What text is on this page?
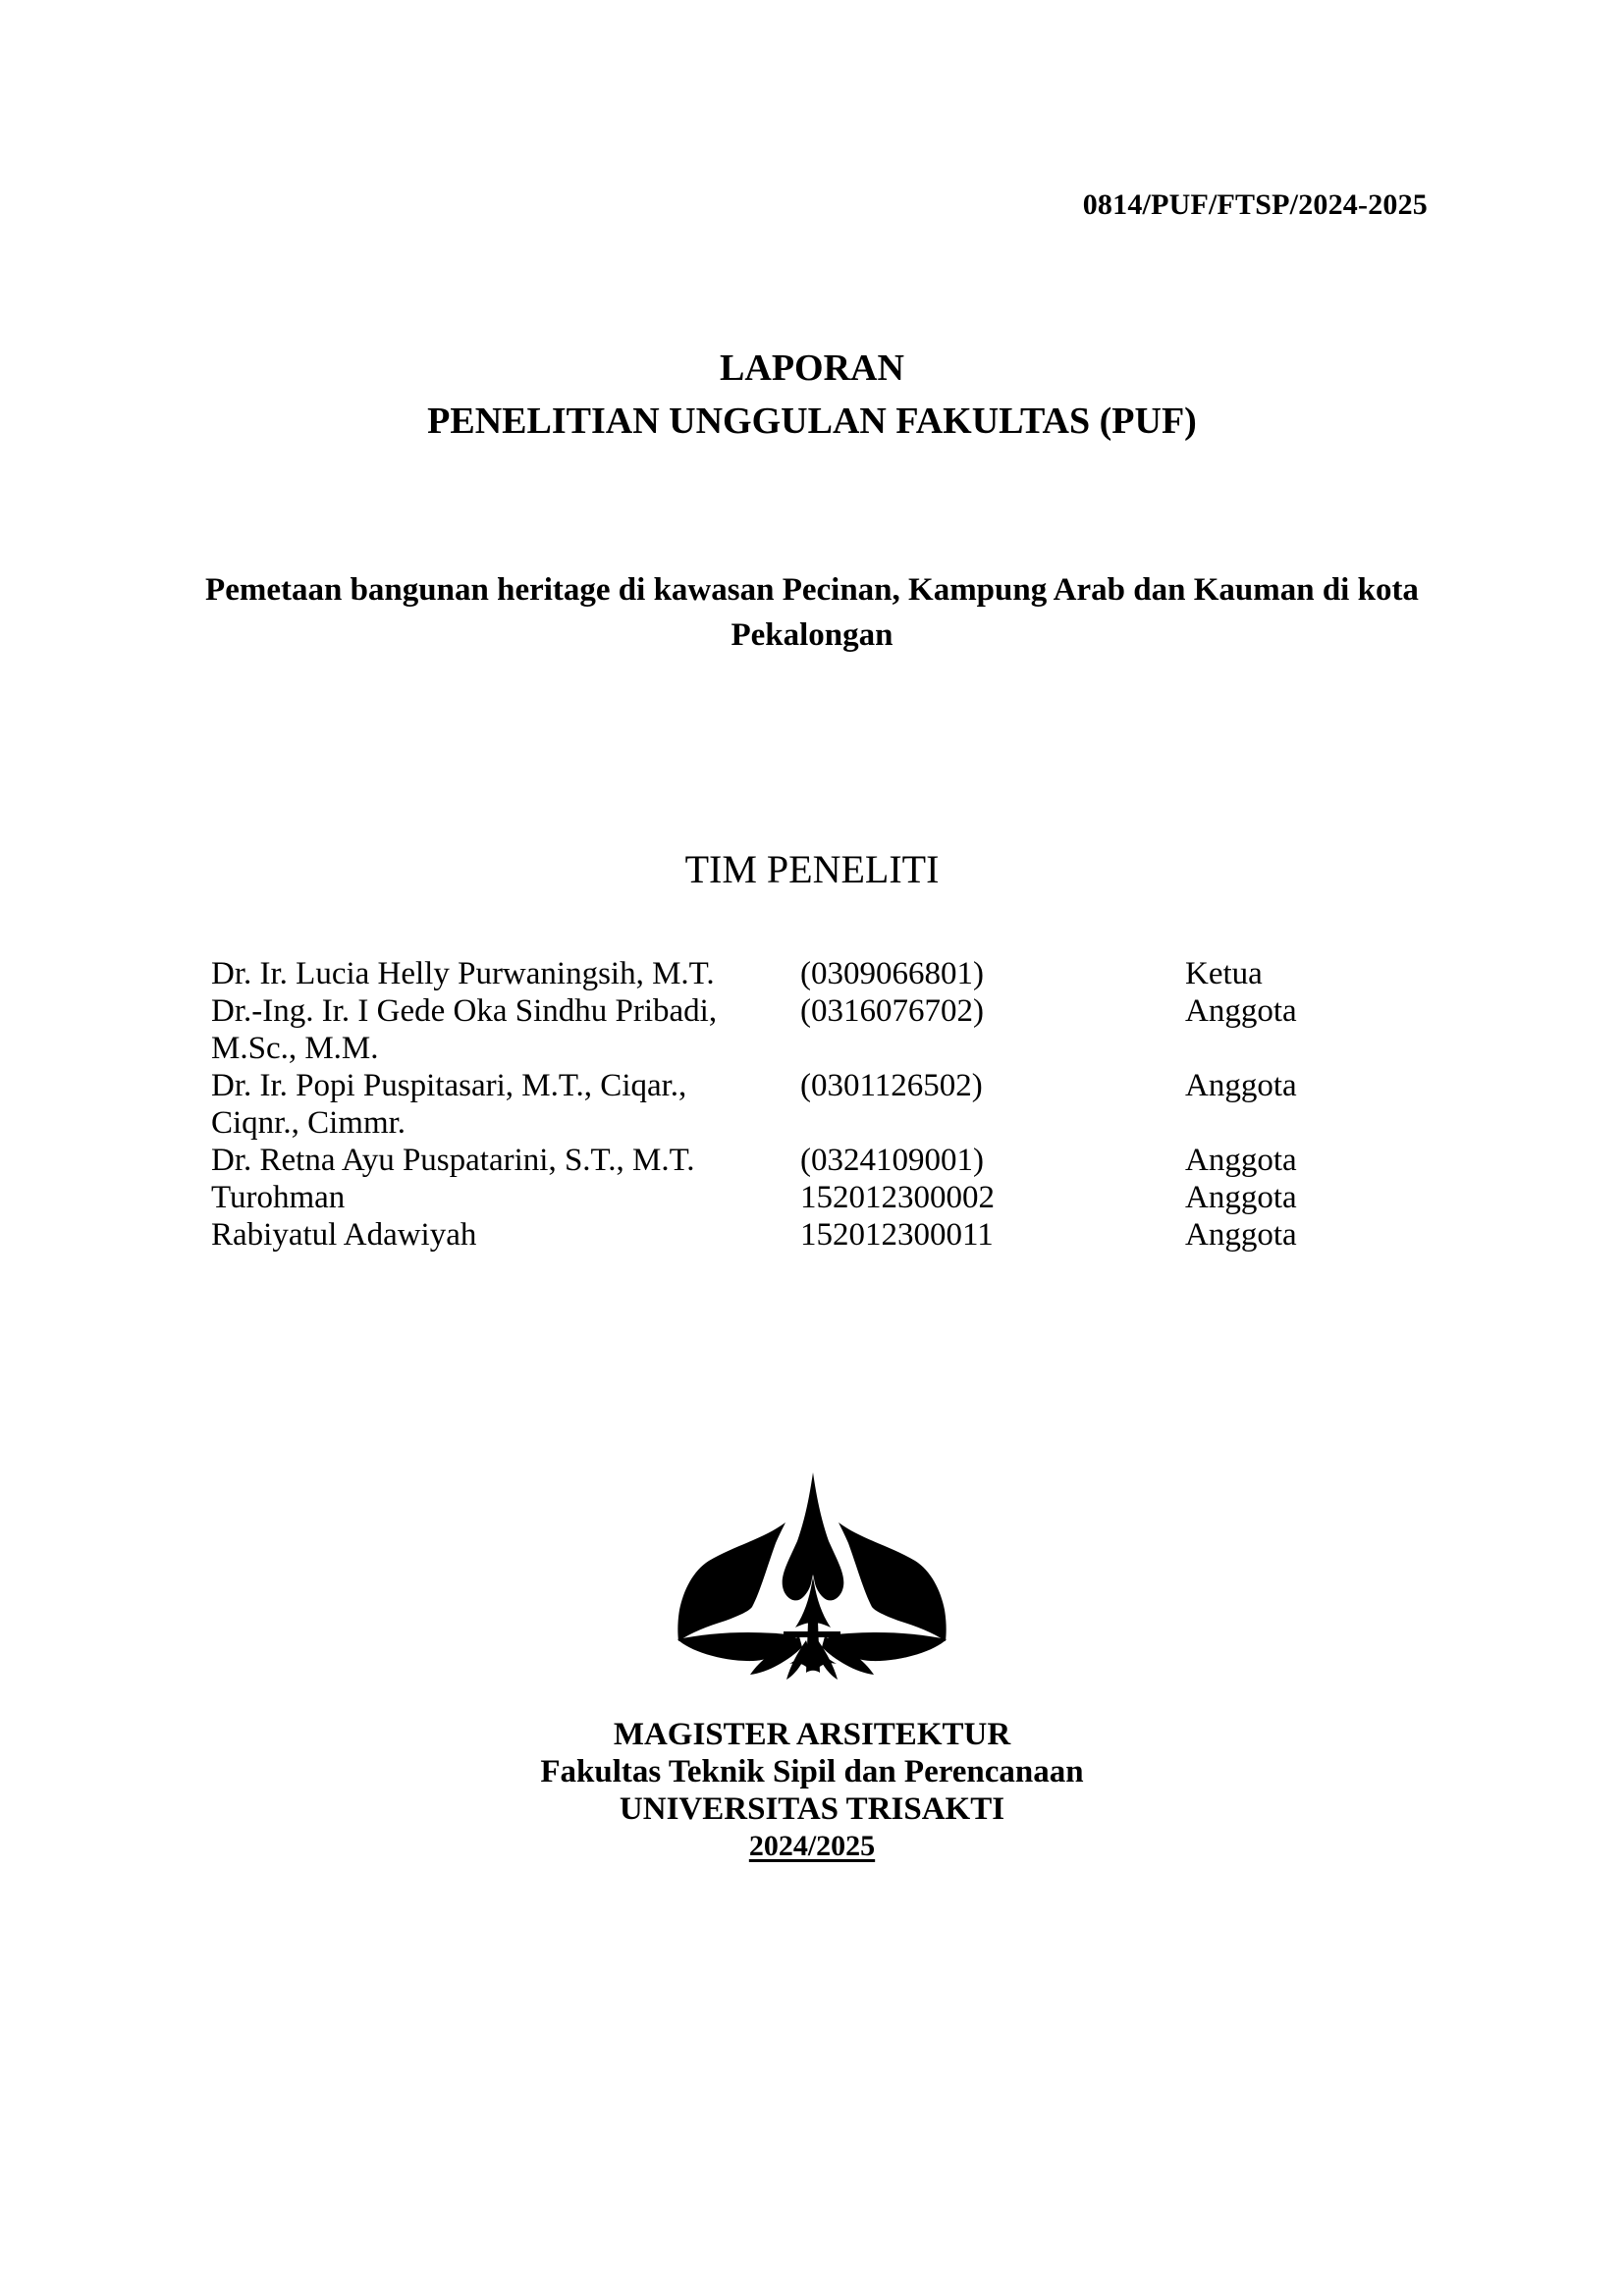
0814/PUF/FTSP/2024-2025
LAPORAN
PENELITIAN UNGGULAN FAKULTAS (PUF)
Pemetaan bangunan heritage di kawasan Pecinan, Kampung Arab dan Kauman di kota
Pekalongan
TIM PENELITI
Dr. Ir. Lucia Helly Purwaningsih, M.T.	(0309066801)	Ketua
Dr.-Ing. Ir. I Gede Oka Sindhu Pribadi,
M.Sc., M.M.
(0316076702)	Anggota
Dr. Ir. Popi Puspitasari, M.T., Ciqar.,
Ciqnr., Cimmr.
(0301126502)	Anggota
Dr. Retna Ayu Puspatarini, S.T., M.T.	(0324109001)	Anggota
Turohman	152012300002	Anggota
Rabiyatul Adawiyah	152012300011	Anggota
MAGISTER ARSITEKTUR
Fakultas Teknik Sipil dan Perencanaan
UNIVERSITAS TRISAKTI
2024/2025
